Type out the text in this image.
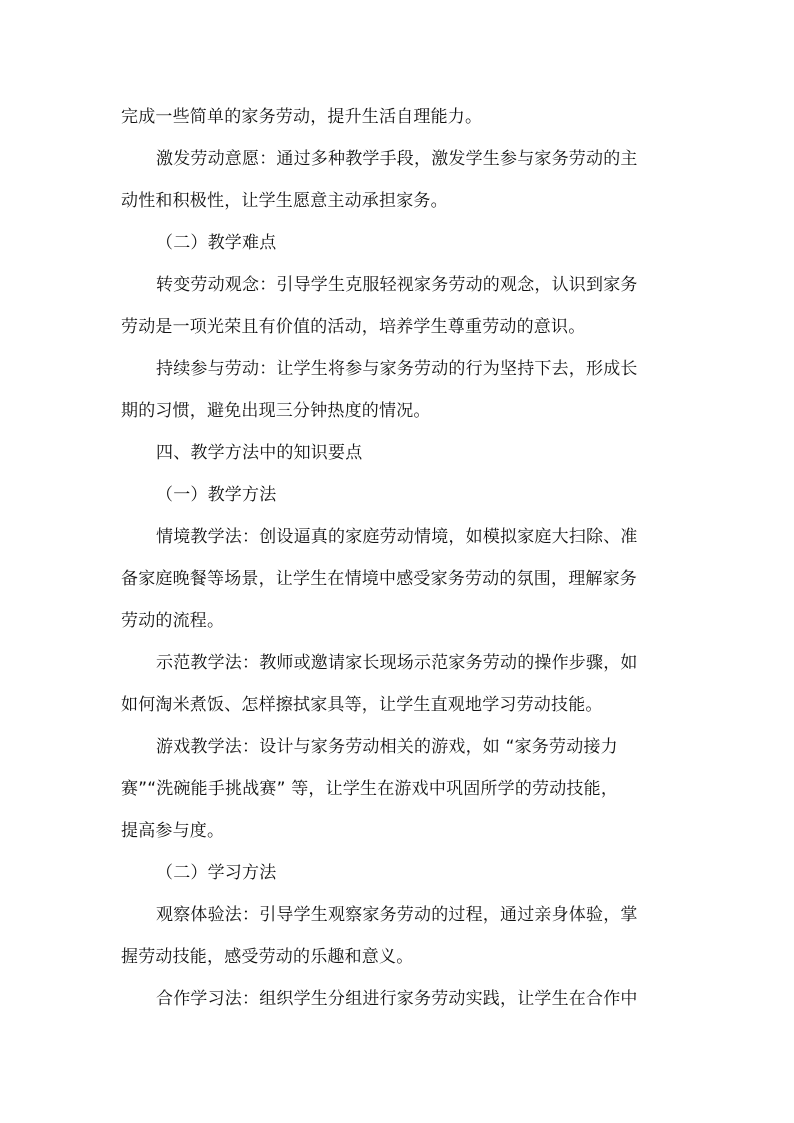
完成一些简单的家务劳动，提升生活自理能力。
激发劳动意愿：通过多种教学手段，激发学生参与家务劳动的主
动性和积极性，让学生愿意主动承担家务。
（二）教学难点
转变劳动观念：引导学生克服轻视家务劳动的观念，认识到家务
劳动是一项光荣且有价值的活动，培养学生尊重劳动的意识。
持续参与劳动：让学生将参与家务劳动的行为坚持下去，形成长
期的习惯，避免出现三分钟热度的情况。
四、教学方法中的知识要点
（一）教学方法
情境教学法：创设逼真的家庭劳动情境，如模拟家庭大扫除、准
备家庭晚餐等场景，让学生在情境中感受家务劳动的氛围，理解家务
劳动的流程。
示范教学法：教师或邀请家长现场示范家务劳动的操作步骤，如
如何淘米煮饭、怎样擦拭家具等，让学生直观地学习劳动技能。
游戏教学法：设计与家务劳动相关的游戏，如 “家务劳动接力
赛”“洗碗能手挑战赛” 等，让学生在游戏中巩固所学的劳动技能，
提高参与度。
（二）学习方法
观察体验法：引导学生观察家务劳动的过程，通过亲身体验，掌
握劳动技能，感受劳动的乐趣和意义。
合作学习法：组织学生分组进行家务劳动实践，让学生在合作中
